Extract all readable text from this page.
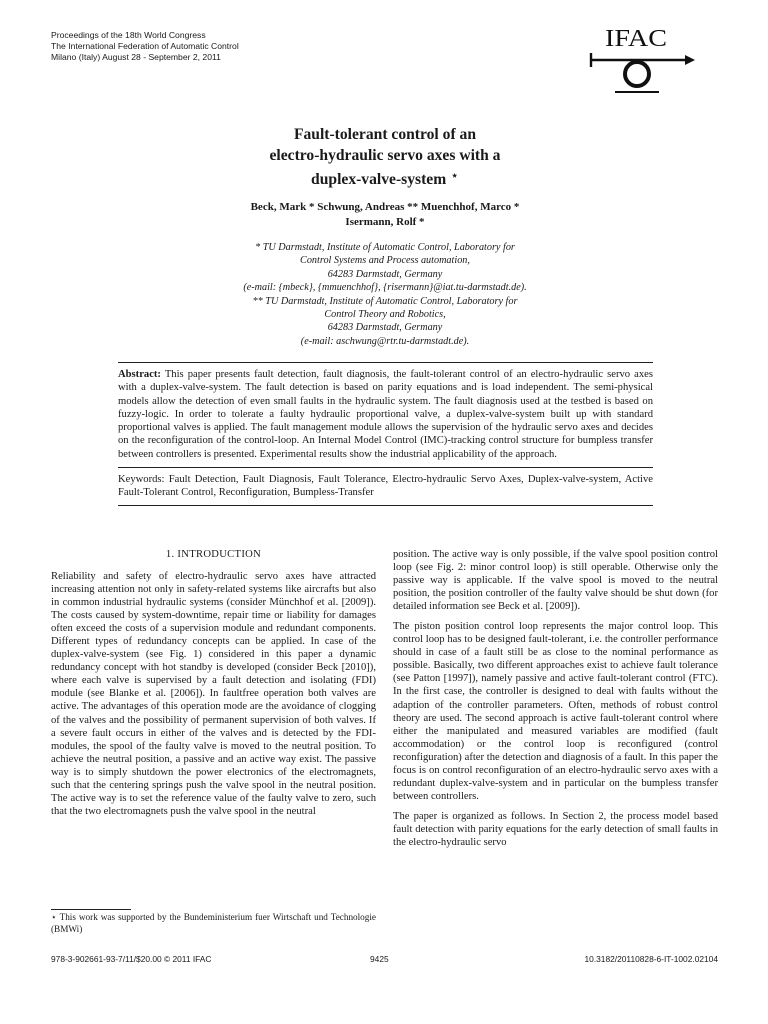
Proceedings of the 18th World Congress
The International Federation of Automatic Control
Milano (Italy) August 28 - September 2, 2011
IFAC
Fault-tolerant control of an
electro-hydraulic servo axes with a
duplex-valve-system ⋆
Beck, Mark * Schwung, Andreas ** Muenchhof, Marco *
Isermann, Rolf *
* TU Darmstadt, Institute of Automatic Control, Laboratory for
Control Systems and Process automation,
64283 Darmstadt, Germany
(e-mail: {mbeck}, {mmuenchhof}, {risermann}@iat.tu-darmstadt.de).
** TU Darmstadt, Institute of Automatic Control, Laboratory for
Control Theory and Robotics,
64283 Darmstadt, Germany
(e-mail: aschwung@rtr.tu-darmstadt.de).
Abstract: This paper presents fault detection, fault diagnosis, the fault-tolerant control of an electro-hydraulic servo axes with a duplex-valve-system. The fault detection is based on parity equations and is load independent. The semi-physical models allow the detection of even small faults in the hydraulic system. The fault diagnosis used at the testbed is based on fuzzy-logic. In order to tolerate a faulty hydraulic proportional valve, a duplex-valve-system built up with standard proportional valves is applied. The fault management module allows the supervision of the hydraulic servo axes and decides on the reconfiguration of the control-loop. An Internal Model Control (IMC)-tracking control structure for bumpless transfer between controllers is presented. Experimental results show the industrial applicability of the approach.
Keywords: Fault Detection, Fault Diagnosis, Fault Tolerance, Electro-hydraulic Servo Axes, Duplex-valve-system, Active Fault-Tolerant Control, Reconfiguration, Bumpless-Transfer
1. INTRODUCTION

Reliability and safety of electro-hydraulic servo axes have attracted increasing attention not only in safety-related systems like aircrafts but also in common industrial hydraulic systems (consider Münchhof et al. [2009]). The costs caused by system-downtime, repair time or liability for damages often exceed the costs of a supervision module and redundant components. Different types of redundancy concepts can be applied. In case of the duplex-valve-system (see Fig. 1) considered in this paper a dynamic redundancy concept with hot standby is developed (consider Beck [2010]), where each valve is supervised by a fault detection and isolating (FDI) module (see Blanke et al. [2006]). In faultfree operation both valves are active. The advantages of this operation mode are the avoidance of clogging of the valves and the possibility of permanent supervision of both valves. If a severe fault occurs in either of the valves and is detected by the FDI-modules, the spool of the faulty valve is moved to the neutral position. To achieve the neutral position, a passive and an active way exist. The passive way is to simply shutdown the power electronics of the electromagnets, such that the centering springs push the valve spool in the neutral position. The active way is to set the reference value of the faulty valve to zero, such that the two electromagnets push the valve spool in the neutral

position. The active way is only possible, if the valve spool position control loop (see Fig. 2: minor control loop) is still operable. Otherwise only the passive way is applicable. If the valve spool is moved to the neutral position, the position controller of the faulty valve should be shut down (for detailed information see Beck et al. [2009]).

The piston position control loop represents the major control loop. This control loop has to be designed fault-tolerant, i.e. the controller performance should in case of a fault still be as close to the nominal performance as possible. Basically, two different approaches exist to achieve fault tolerance (see Patton [1997]), namely passive and active fault-tolerant control (FTC). In the first case, the controller is designed to deal with faults without the adaption of the controller parameters. Often, methods of robust control theory are used. The second approach is active fault-tolerant control where either the manipulated and measured variables are modified (fault accommodation) or the control loop is reconfigured (control reconfiguration) after the detection and diagnosis of a fault. In this paper the focus is on control reconfiguration of an electro-hydraulic servo axes with a redundant duplex-valve-system and in particular on the bumpless transfer between controllers.

The paper is organized as follows. In Section 2, the process model based fault detection with parity equations for the early detection of small faults in the electro-hydraulic servo

⋆ This work was supported by the Bundeministerium fuer Wirtschaft und Technologie (BMWi)
978-3-902661-93-7/11/$20.00 © 2011 IFAC	9425	10.3182/20110828-6-IT-1002.02104
